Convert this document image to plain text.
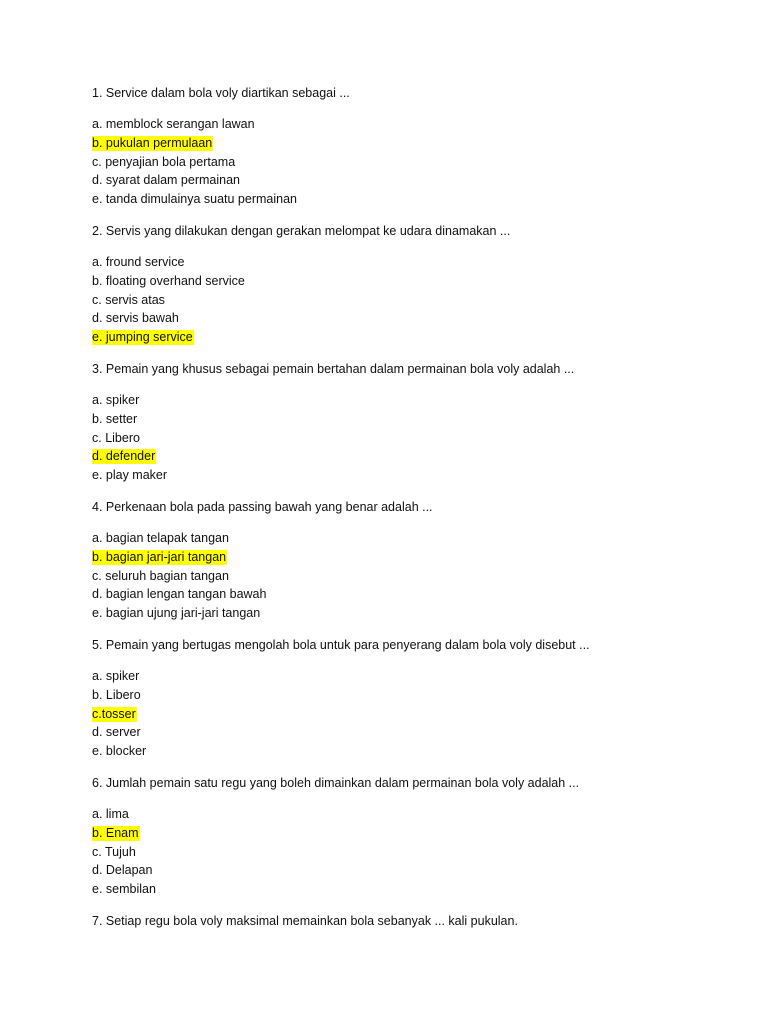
1. Service dalam bola voly diartikan sebagai ...

a. memblock serangan lawan
b. pukulan permulaan
c. penyajian bola pertama
d. syarat dalam permainan
e. tanda dimulainya suatu permainan

2. Servis yang dilakukan dengan gerakan melompat ke udara dinamakan ...

a. fround service
b. floating overhand service
c. servis atas
d. servis bawah
e. jumping service

3. Pemain yang khusus sebagai pemain bertahan dalam permainan bola voly adalah ...

a. spiker
b. setter
c. Libero
d. defender
e. play maker

4. Perkenaan bola pada passing bawah yang benar adalah ...

a. bagian telapak tangan
b. bagian jari-jari tangan
c. seluruh bagian tangan
d. bagian lengan tangan bawah
e. bagian ujung jari-jari tangan

5. Pemain yang bertugas mengolah bola untuk para penyerang dalam bola voly disebut ...

a. spiker
b. Libero
c.tosser
d. server
e. blocker

6. Jumlah pemain satu regu yang boleh dimainkan dalam permainan bola voly adalah ...

a. lima
b. Enam
c. Tujuh
d. Delapan
e. sembilan

7. Setiap regu bola voly maksimal memainkan bola sebanyak ... kali pukulan.
